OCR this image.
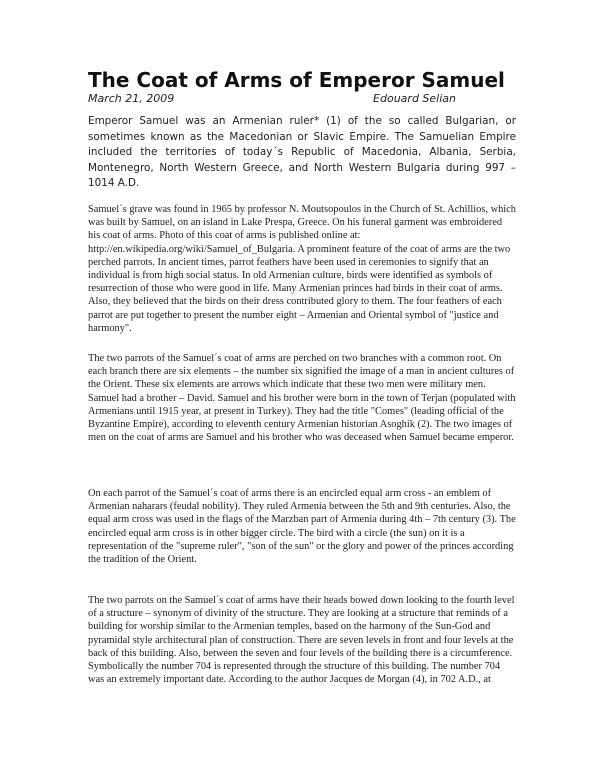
The Coat of Arms of Emperor Samuel
March 21, 2009	Edouard Selian

Emperor Samuel was an Armenian ruler* (1) of the so called Bulgarian, or sometimes known as the Macedonian or Slavic Empire. The Samuelian Empire included the territories of today´s Republic of Macedonia, Albania, Serbia, Montenegro, North Western Greece, and North Western Bulgaria during 997 – 1014 A.D.

Samuel´s grave was found in 1965 by professor N. Moutsopoulos in the Church of St. Achillios, which was built by Samuel, on an island in Lake Prespa, Greece. On his funeral garment was embroidered his coat of arms. Photo of this coat of arms is published online at: http://en.wikipedia.org/wiki/Samuel_of_Bulgaria. A prominent feature of the coat of arms are the two perched parrots. In ancient times, parrot feathers have been used in ceremonies to signify that an individual is from high social status. In old Armenian culture, birds were identified as symbols of resurrection of those who were good in life. Many Armenian princes had birds in their coat of arms. Also, they believed that the birds on their dress contributed glory to them. The four feathers of each parrot are put together to present the number eight – Armenian and Oriental symbol of "justice and harmony".

The two parrots of the Samuel´s coat of arms are perched on two branches with a common root. On each branch there are six elements – the number six signified the image of a man in ancient cultures of the Orient. These six elements are arrows which indicate that these two men were military men. Samuel had a brother – David. Samuel and his brother were born in the town of Terjan (populated with Armenians until 1915 year, at present in Turkey). They had the title "Comes" (leading official of the Byzantine Empire), according to eleventh century Armenian historian Asoghik (2). The two images of men on the coat of arms are Samuel and his brother who was deceased when Samuel became emperor.

On each parrot of the Samuel´s coat of arms there is an encircled equal arm cross - an emblem of Armenian naharars (feudal nobility). They ruled Armenia between the 5th and 9th centuries. Also, the equal arm cross was used in the flags of the Marzban part of Armenia during 4th – 7th century (3). The encircled equal arm cross is in other bigger circle. The bird with a circle (the sun) on it is a representation of the "supreme ruler", "son of the sun" or the glory and power of the princes according the tradition of the Orient.

The two parrots on the Samuel´s coat of arms have their heads bowed down looking to the fourth level of a structure – synonym of divinity of the structure. They are looking at a structure that reminds of a building for worship similar to the Armenian temples, based on the harmony of the Sun-God and pyramidal style architectural plan of construction. There are seven levels in front and four levels at the back of this building. Also, between the seven and four levels of the building there is a circumference. Symbolically the number 704 is represented through the structure of this building. The number 704 was an extremely important date. According to the author Jacques de Morgan (4), in 702 A.D., at
